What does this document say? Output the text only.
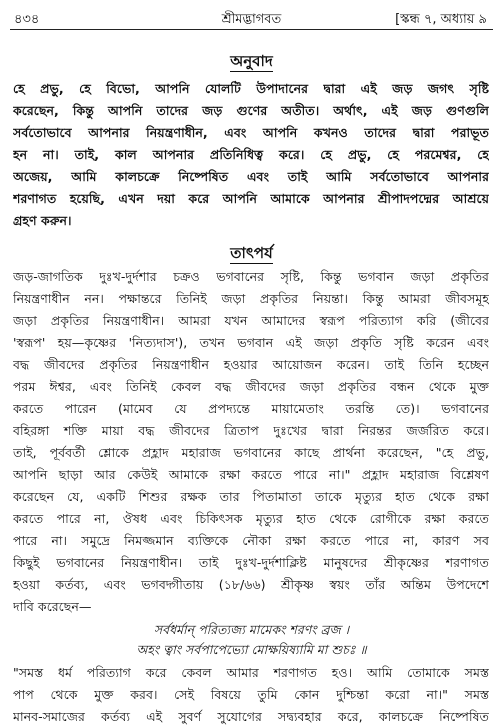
৪৩৪	শ্রীমদ্ভাগবত	[স্কন্ধ ৭, অধ্যায় ৯
অনুবাদ
হে প্রভু, হে বিভো, আপনি যোলটি উপাদানের দ্বারা এই জড় জগৎ সৃষ্টি
করেছেন, কিন্তু আপনি তাদের জড় গুণের অতীত। অর্থাৎ, এই জড় গুণগুলি
সর্বতোভাবে আপনার নিয়ন্ত্রণাধীন, এবং আপনি কখনও তাদের দ্বারা পরাভূত
হন না। তাই, কাল আপনার প্রতিনিধিত্ব করে। হে প্রভু, হে পরমেশ্বর, হে
অজেয়, আমি কালচক্রে নিষ্পেষিত এবং তাই আমি সর্বতোভাবে আপনার
শরণাগত হয়েছি, এখন দয়া করে আপনি আমাকে আপনার শ্রীপাদপদ্মের আশ্রয়ে
গ্রহণ করুন।
তাৎপর্য
জড়-জাগতিক দুঃখ-দুর্দশার চক্রও ভগবানের সৃষ্টি, কিন্তু ভগবান জড়া প্রকৃতির
নিয়ন্ত্রণাধীন নন। পক্ষান্তরে তিনিই জড়া প্রকৃতির নিয়ন্তা। কিন্তু আমরা জীবসমূহ
জড়া প্রকৃতির নিয়ন্ত্রণাধীন। আমরা যখন আমাদের স্বরূপ পরিত্যাগ করি (জীবের
'স্বরূপ' হয়—কৃষ্ণের 'নিত্যদাস'), তখন ভগবান এই জড়া প্রকৃতি সৃষ্টি করেন এবং
বদ্ধ জীবদের প্রকৃতির নিয়ন্ত্রণাধীন হওয়ার আয়োজন করেন। তাই তিনি হচ্ছেন
পরম ঈশ্বর, এবং তিনিই কেবল বদ্ধ জীবদের জড়া প্রকৃতির বন্ধন থেকে মুক্ত
করতে পারেন (মামেব যে প্রপদ্যন্তে মায়ামেতাং তরন্তি তে)। ভগবানের
বহিরঙ্গা শক্তি মায়া বদ্ধ জীবদের ত্রিতাপ দুঃখের দ্বারা নিরন্তর জর্জরিত করে।
তাই, পূর্ববর্তী শ্লোকে প্রহ্লাদ মহারাজ ভগবানের কাছে প্রার্থনা করেছেন, "হে প্রভু,
আপনি ছাড়া আর কেউই আমাকে রক্ষা করতে পারে না।" প্রহ্লাদ মহারাজ বিশ্লেষণ
করেছেন যে, একটি শিশুর রক্ষক তার পিতামাতা তাকে মৃত্যুর হাত থেকে রক্ষা
করতে পারে না, ঔষধ এবং চিকিৎসক মৃত্যুর হাত থেকে রোগীকে রক্ষা করতে
পারে না। সমুদ্রে নিমজ্জমান ব্যক্তিকে নৌকা রক্ষা করতে পারে না, কারণ সব
কিছুই ভগবানের নিয়ন্ত্রণাধীন। তাই দুঃখ-দুর্দশাক্লিষ্ট মানুষদের শ্রীকৃষ্ণের শরণাগত
হওয়া কর্তব্য, এবং ভগবদ্গীতায় (১৮/৬৬) শ্রীকৃষ্ণ স্বয়ং তাঁর অন্তিম উপদেশে
দাবি করেছেন—
সর্বধর্মান্ পরিত্যজ্য মামেকং শরণং ব্রজ ।
অহং ত্বাং সর্বপাপেভ্যো মোক্ষয়িষ্যামি মা শুচঃ ॥
"সমস্ত ধর্ম পরিত্যাগ করে কেবল আমার শরণাগত হও। আমি তোমাকে সমস্ত
পাপ থেকে মুক্ত করব। সেই বিষয়ে তুমি কোন দুশ্চিন্তা করো না।" সমস্ত
মানব-সমাজের কর্তব্য এই সুবর্ণ সুযোগের সদ্ব্যবহার করে, কালচক্রে নিষ্পেষিত
